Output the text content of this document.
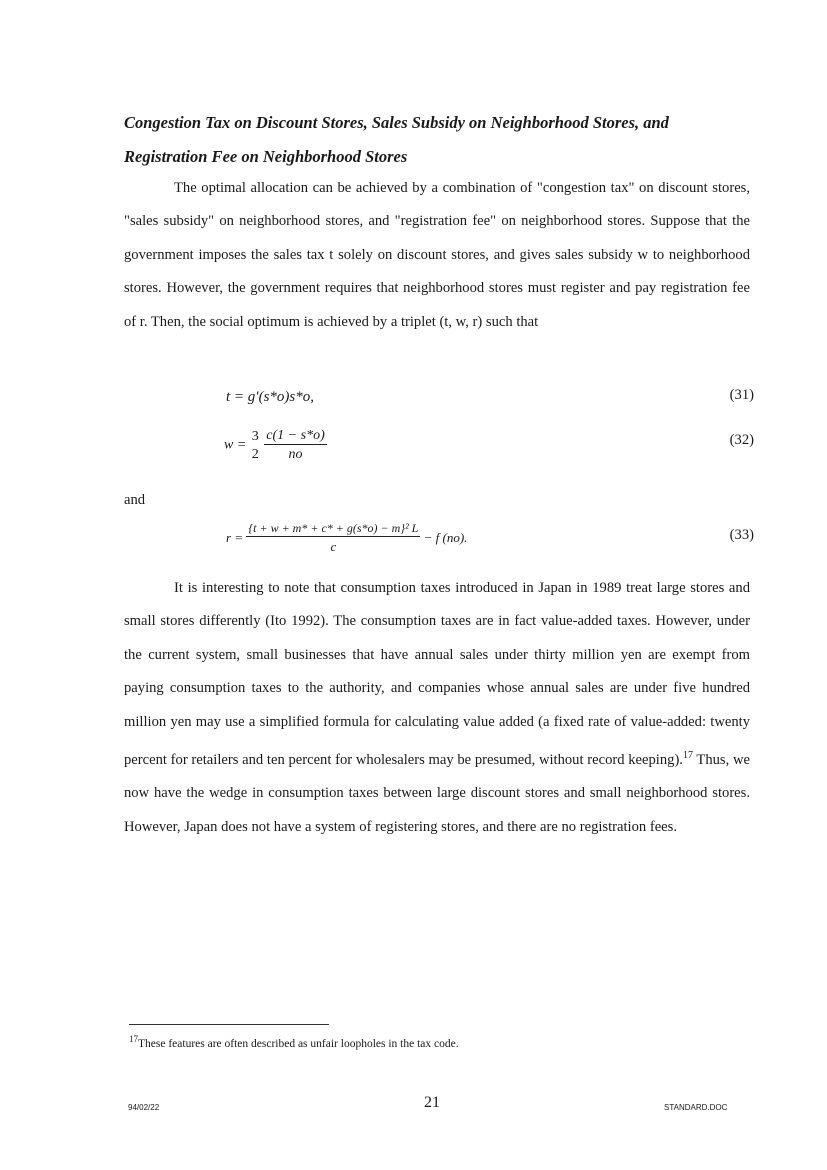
Congestion Tax on Discount Stores, Sales Subsidy on Neighborhood Stores, and
Registration Fee on Neighborhood Stores

The optimal allocation can be achieved by a combination of "congestion tax" on discount stores, "sales subsidy" on neighborhood stores, and "registration fee" on neighborhood stores. Suppose that the government imposes the sales tax t solely on discount stores, and gives sales subsidy w to neighborhood stores. However, the government requires that neighborhood stores must register and pay registration fee of r. Then, the social optimum is achieved by a triplet (t, w, r) such that

t = g′(s*o)s*o,	(31)
w =
3
2
$\frac{c(1 - s*o)}{no}$	(32)
and
$r = \frac{\text{\{t + w + m* + c* + g(s*o) − m\}² L}}{c} - f$ (no).	(33)

It is interesting to note that consumption taxes introduced in Japan in 1989 treat large stores and small stores differently (Ito 1992). The consumption taxes are in fact value-added taxes. However, under the current system, small businesses that have annual sales under thirty million yen are exempt from paying consumption taxes to the authority, and companies whose annual sales are under five hundred million yen may use a simplified formula for calculating value added (a fixed rate of value-added: twenty percent for retailers and ten percent for wholesalers may be presumed, without record keeping).$^{17}$ Thus, we now have the wedge in consumption taxes between large discount stores and small neighborhood stores. However, Japan does not have a system of registering stores, and there are no registration fees.

$^{17}$These features are often described as unfair loopholes in the tax code.
94/02/22	21	STANDARD.DOC
